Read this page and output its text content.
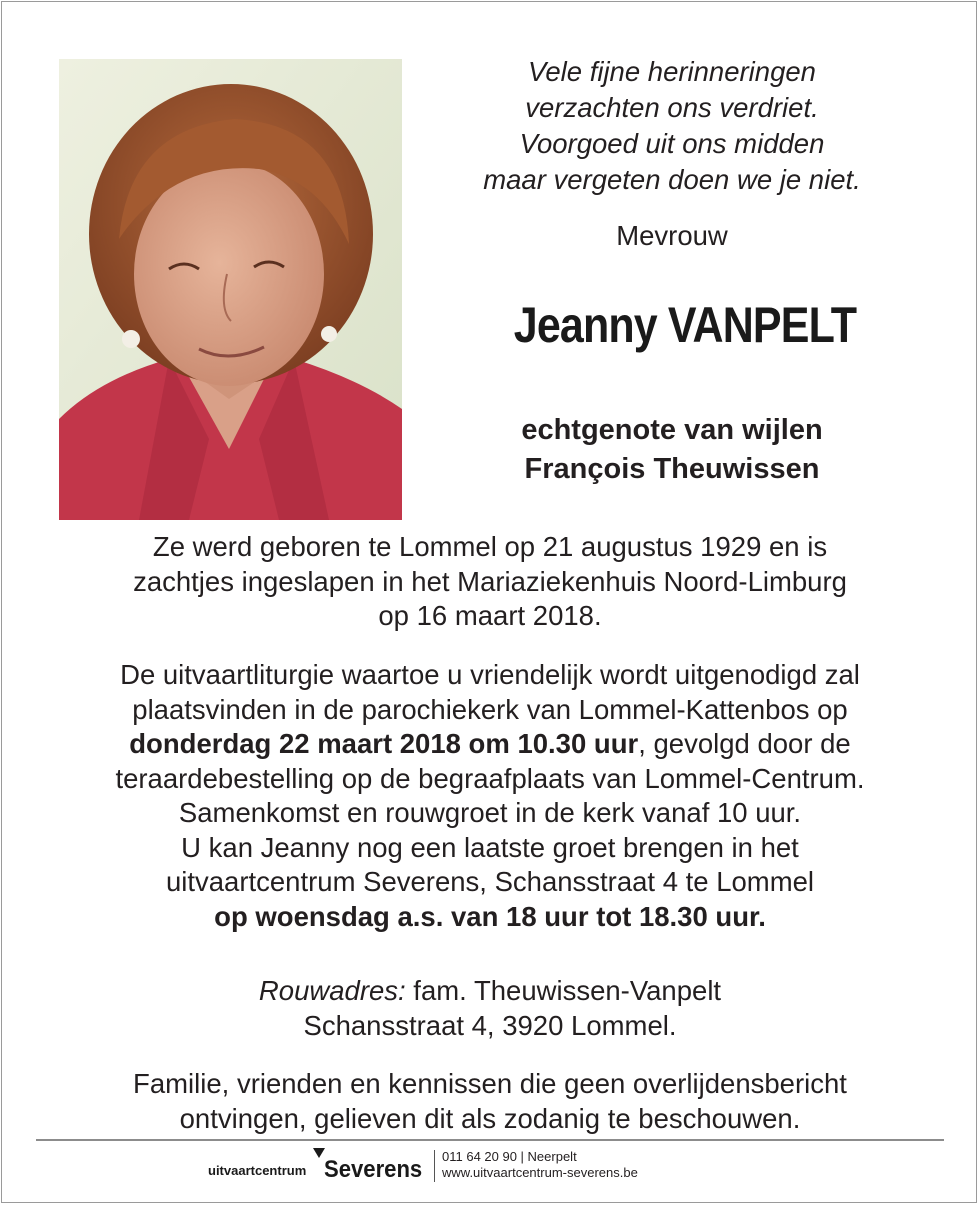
Vele fijne herinneringen
verzachten ons verdriet.
Voorgoed uit ons midden
maar vergeten doen we je niet.
Mevrouw
Jeanny VANPELT
echtgenote van wijlen
François Theuwissen
Ze werd geboren te Lommel op 21 augustus 1929 en is
zachtjes ingeslapen in het Mariaziekenhuis Noord-Limburg
op 16 maart 2018.
De uitvaartliturgie waartoe u vriendelijk wordt uitgenodigd zal
plaatsvinden in de parochiekerk van Lommel-Kattenbos op
donderdag 22 maart 2018 om 10.30 uur, gevolgd door de
teraardebestelling op de begraafplaats van Lommel-Centrum.
Samenkomst en rouwgroet in de kerk vanaf 10 uur.
U kan Jeanny nog een laatste groet brengen in het
uitvaartcentrum Severens, Schansstraat 4 te Lommel
op woensdag a.s. van 18 uur tot 18.30 uur.
Rouwadres: fam. Theuwissen-Vanpelt
Schansstraat 4, 3920 Lommel.
Familie, vrienden en kennissen die geen overlijdensbericht
ontvingen, gelieven dit als zodanig te beschouwen.
uitvaartcentrum Severens 011 64 20 90 | Neerpelt
www.uitvaartcentrum-severens.be
